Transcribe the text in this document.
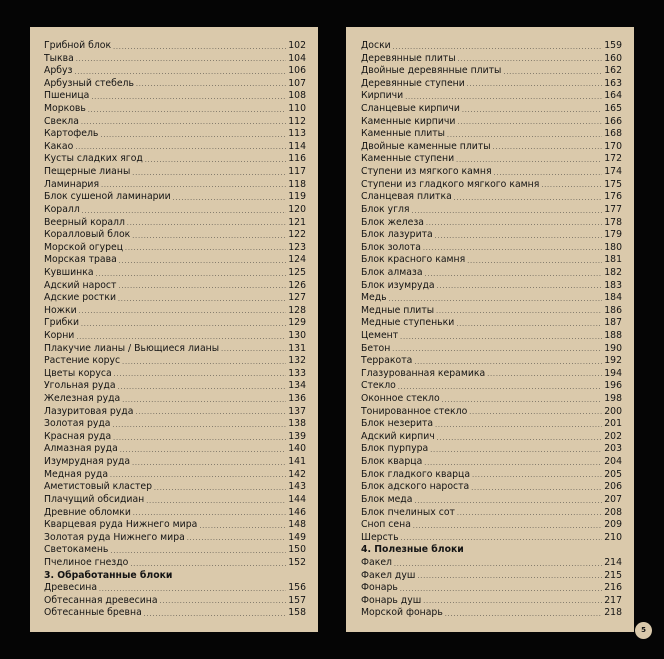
Грибной блок .....	102
Тыква .....	104
Арбуз .....	106
Арбузный стебель .....	107
Пшеница .....	108
Морковь .....	110
Свекла .....	112
Картофель .....	113
Какао .....	114
Кусты сладких ягод .....	116
Пещерные лианы .....	117
Ламинария .....	118
Блок сушеной ламинарии .....	119
Коралл .....	120
Веерный коралл .....	121
Коралловый блок .....	122
Морской огурец .....	123
Морская трава .....	124
Кувшинка .....	125
Адский нарост .....	126
Адские ростки .....	127
Ножки .....	128
Грибки .....	129
Корни .....	130
Плакучие лианы / Вьющиеся лианы .....	131
Растение корус .....	132
Цветы коруса .....	133
Угольная руда .....	134
Железная руда .....	136
Лазуритовая руда .....	137
Золотая руда .....	138
Красная руда .....	139
Алмазная руда .....	140
Изумрудная руда .....	141
Медная руда .....	142
Аметистовый кластер .....	143
Плачущий обсидиан .....	144
Древние обломки .....	146
Кварцевая руда Нижнего мира .....	148
Золотая руда Нижнего мира .....	149
Светокамень .....	150
Пчелиное гнездо .....	152
3. Обработанные блоки
Древесина .....	156
Обтесанная древесина .....	157
Обтесанные бревна .....	158
Доски .....	159
Деревянные плиты .....	160
Двойные деревянные плиты .....	162
Деревянные ступени .....	163
Кирпичи .....	164
Сланцевые кирпичи .....	165
Каменные кирпичи .....	166
Каменные плиты .....	168
Двойные каменные плиты .....	170
Каменные ступени .....	172
Ступени из мягкого камня .....	174
Ступени из гладкого мягкого камня .....	175
Сланцевая плитка .....	176
Блок угля .....	177
Блок железа .....	178
Блок лазурита .....	179
Блок золота .....	180
Блок красного камня .....	181
Блок алмаза .....	182
Блок изумруда .....	183
Медь .....	184
Медные плиты .....	186
Медные ступеньки .....	187
Цемент .....	188
Бетон .....	190
Терракота .....	192
Глазурованная керамика .....	194
Стекло .....	196
Оконное стекло .....	198
Тонированное стекло .....	200
Блок незерита .....	201
Адский кирпич .....	202
Блок пурпура .....	203
Блок кварца .....	204
Блок гладкого кварца .....	205
Блок адского нароста .....	206
Блок меда .....	207
Блок пчелиных сот .....	208
Сноп сена .....	209
Шерсть .....	210
4. Полезные блоки
Факел .....	214
Факел душ .....	215
Фонарь .....	216
Фонарь душ .....	217
Морской фонарь .....	218
5
